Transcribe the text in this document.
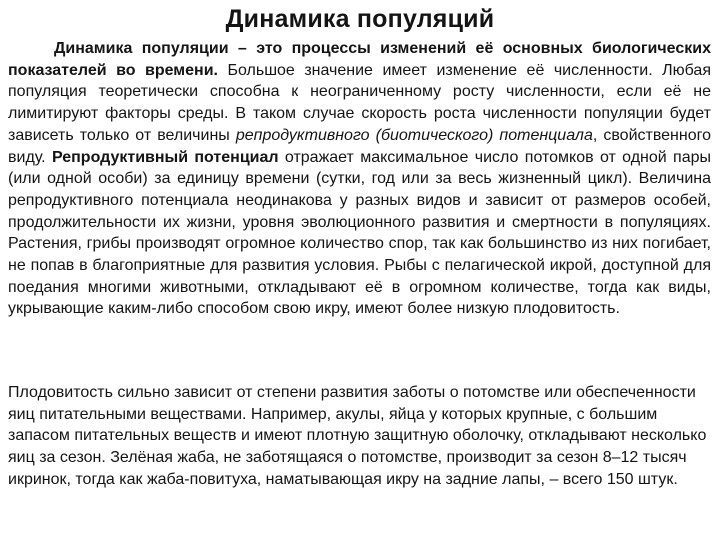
Динамика популяций

Динамика популяции – это процессы изменений её основных биологических показателей во времени. Большое значение имеет изменение её численности. Любая популяция теоретически способна к неограниченному росту численности, если её не лимитируют факторы среды. В таком случае скорость роста численности популяции будет зависеть только от величины репродуктивного (биотического) потенциала, свойственного виду. Репродуктивный потенциал отражает максимальное число потомков от одной пары (или одной особи) за единицу времени (сутки, год или за весь жизненный цикл). Величина репродуктивного потенциала неодинакова у разных видов и зависит от размеров особей, продолжительности их жизни, уровня эволюционного развития и смертности в популяциях. Растения, грибы производят огромное количество спор, так как большинство из них погибает, не попав в благоприятные для развития условия. Рыбы с пелагической икрой, доступной для поедания многими животными, откладывают её в огромном количестве, тогда как виды, укрывающие каким-либо способом свою икру, имеют более низкую плодовитость.

Плодовитость сильно зависит от степени развития заботы о потомстве или обеспеченности яиц питательными веществами. Например, акулы, яйца у которых крупные, с большим запасом питательных веществ и имеют плотную защитную оболочку, откладывают несколько яиц за сезон. Зелёная жаба, не заботящаяся о потомстве, производит за сезон 8–12 тысяч икринок, тогда как жаба-повитуха, наматывающая икру на задние лапы, – всего 150 штук.
